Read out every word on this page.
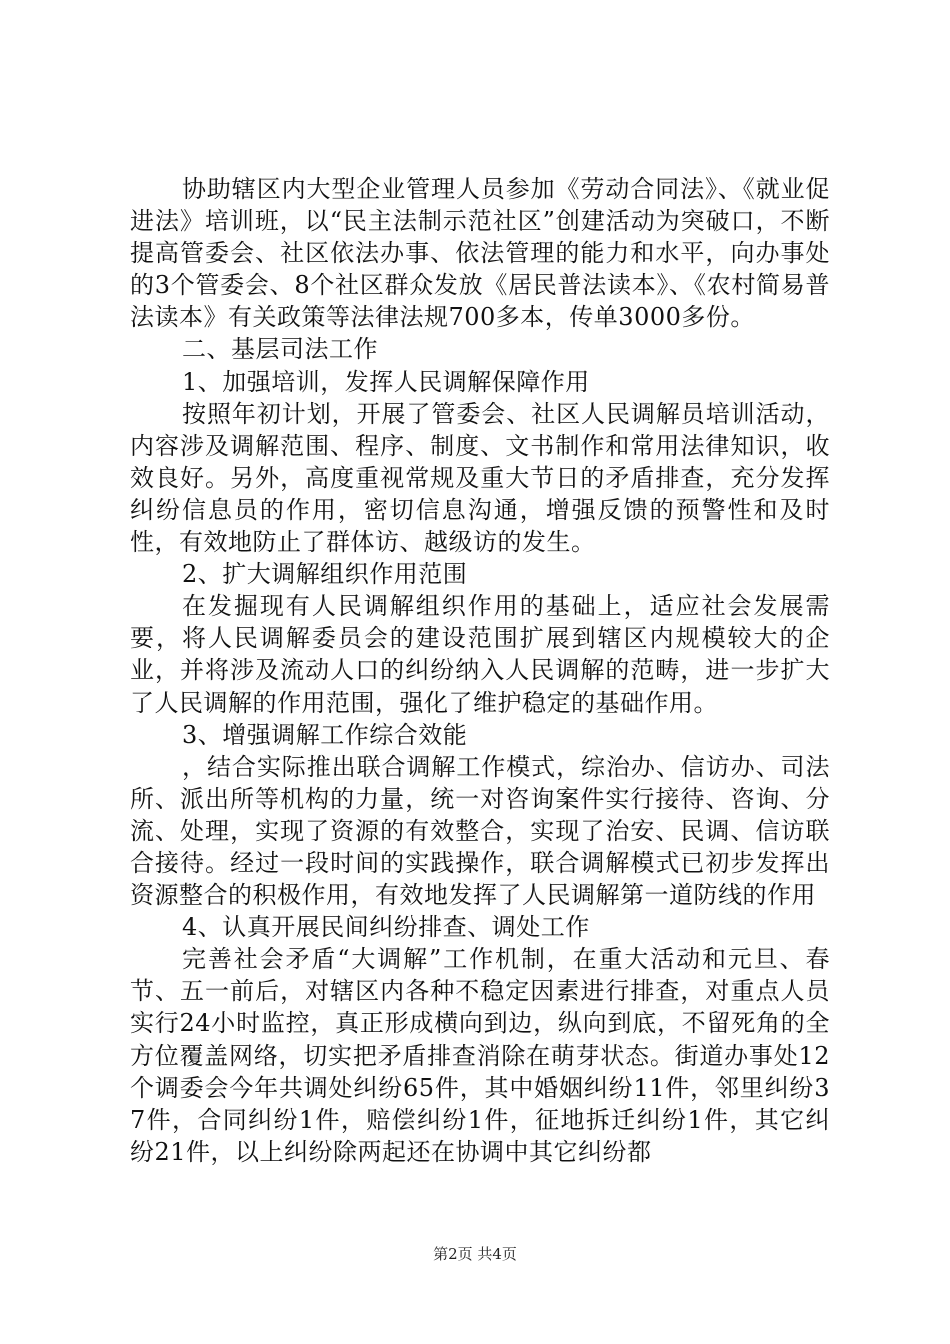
协助辖区内大型企业管理人员参加《劳动合同法》、《就业促进法》培训班，以“民主法制示范社区”创建活动为突破口，不断提高管委会、社区依法办事、依法管理的能力和水平，向办事处的3个管委会、8个社区群众发放《居民普法读本》、《农村简易普法读本》有关政策等法律法规700多本，传单3000多份。

二、基层司法工作

1、加强培训，发挥人民调解保障作用

按照年初计划，开展了管委会、社区人民调解员培训活动，内容涉及调解范围、程序、制度、文书制作和常用法律知识，收效良好。另外，高度重视常规及重大节日的矛盾排查，充分发挥纠纷信息员的作用，密切信息沟通，增强反馈的预警性和及时性，有效地防止了群体访、越级访的发生。

2、扩大调解组织作用范围

在发掘现有人民调解组织作用的基础上，适应社会发展需要，将人民调解委员会的建设范围扩展到辖区内规模较大的企业，并将涉及流动人口的纠纷纳入人民调解的范畴，进一步扩大了人民调解的作用范围，强化了维护稳定的基础作用。

3、增强调解工作综合效能

，结合实际推出联合调解工作模式，综治办、信访办、司法所、派出所等机构的力量，统一对咨询案件实行接待、咨询、分流、处理，实现了资源的有效整合，实现了治安、民调、信访联合接待。经过一段时间的实践操作，联合调解模式已初步发挥出资源整合的积极作用，有效地发挥了人民调解第一道防线的作用

4、认真开展民间纠纷排查、调处工作

完善社会矛盾“大调解”工作机制，在重大活动和元旦、春节、五一前后，对辖区内各种不稳定因素进行排查，对重点人员实行24小时监控，真正形成横向到边，纵向到底，不留死角的全方位覆盖网络，切实把矛盾排查消除在萌芽状态。街道办事处12个调委会今年共调处纠纷65件，其中婚姻纠纷11件，邻里纠纷37件，合同纠纷1件，赔偿纠纷1件，征地拆迁纠纷1件，其它纠纷21件，以上纠纷除两起还在协调中其它纠纷都

第2页 共4页
